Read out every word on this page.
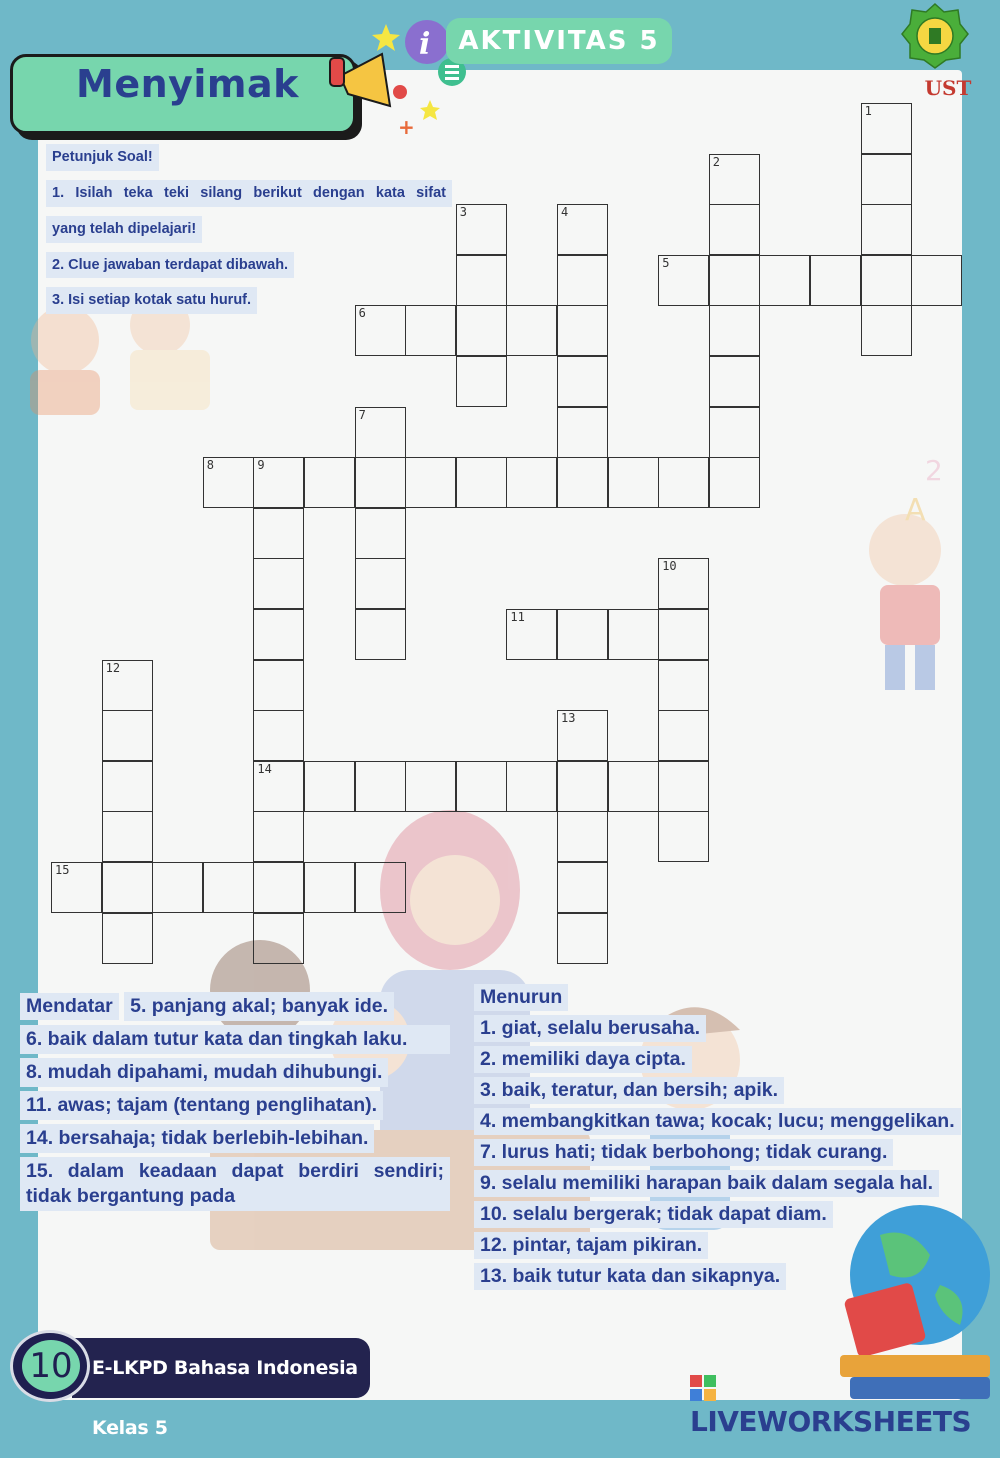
2
A
Menyimak
i
+
AKTIVITAS 5
UST
Petunjuk Soal!
1. Isilah teka teki silang berikut dengan kata sifat
yang telah dipelajari!
2. Clue jawaban terdapat dibawah.
3. Isi setiap kotak satu huruf.
1
2
3	4
5
6
7
8	9
10
11
12
13
14
15
Mendatar 5. panjang akal; banyak ide.
6. baik dalam tutur kata dan tingkah laku.
8. mudah dipahami, mudah dihubungi. 11. awas; tajam (tentang penglihatan). 14. bersahaja; tidak berlebih-lebihan.
15. dalam keadaan dapat berdiri sendiri; tidak bergantung pada
Menurun
1. giat, selalu berusaha.
2. memiliki daya cipta.
3. baik, teratur, dan bersih; apik.
4. membangkitkan tawa; kocak; lucu; menggelikan.
7. lurus hati; tidak berbohong; tidak curang.
9. selalu memiliki harapan baik dalam segala hal.
10. selalu bergerak; tidak dapat diam.
12. pintar, tajam pikiran.
13. baik tutur kata dan sikapnya.
E-LKPD Bahasa Indonesia Kelas 5
10
LIVEWORKSHEETS
